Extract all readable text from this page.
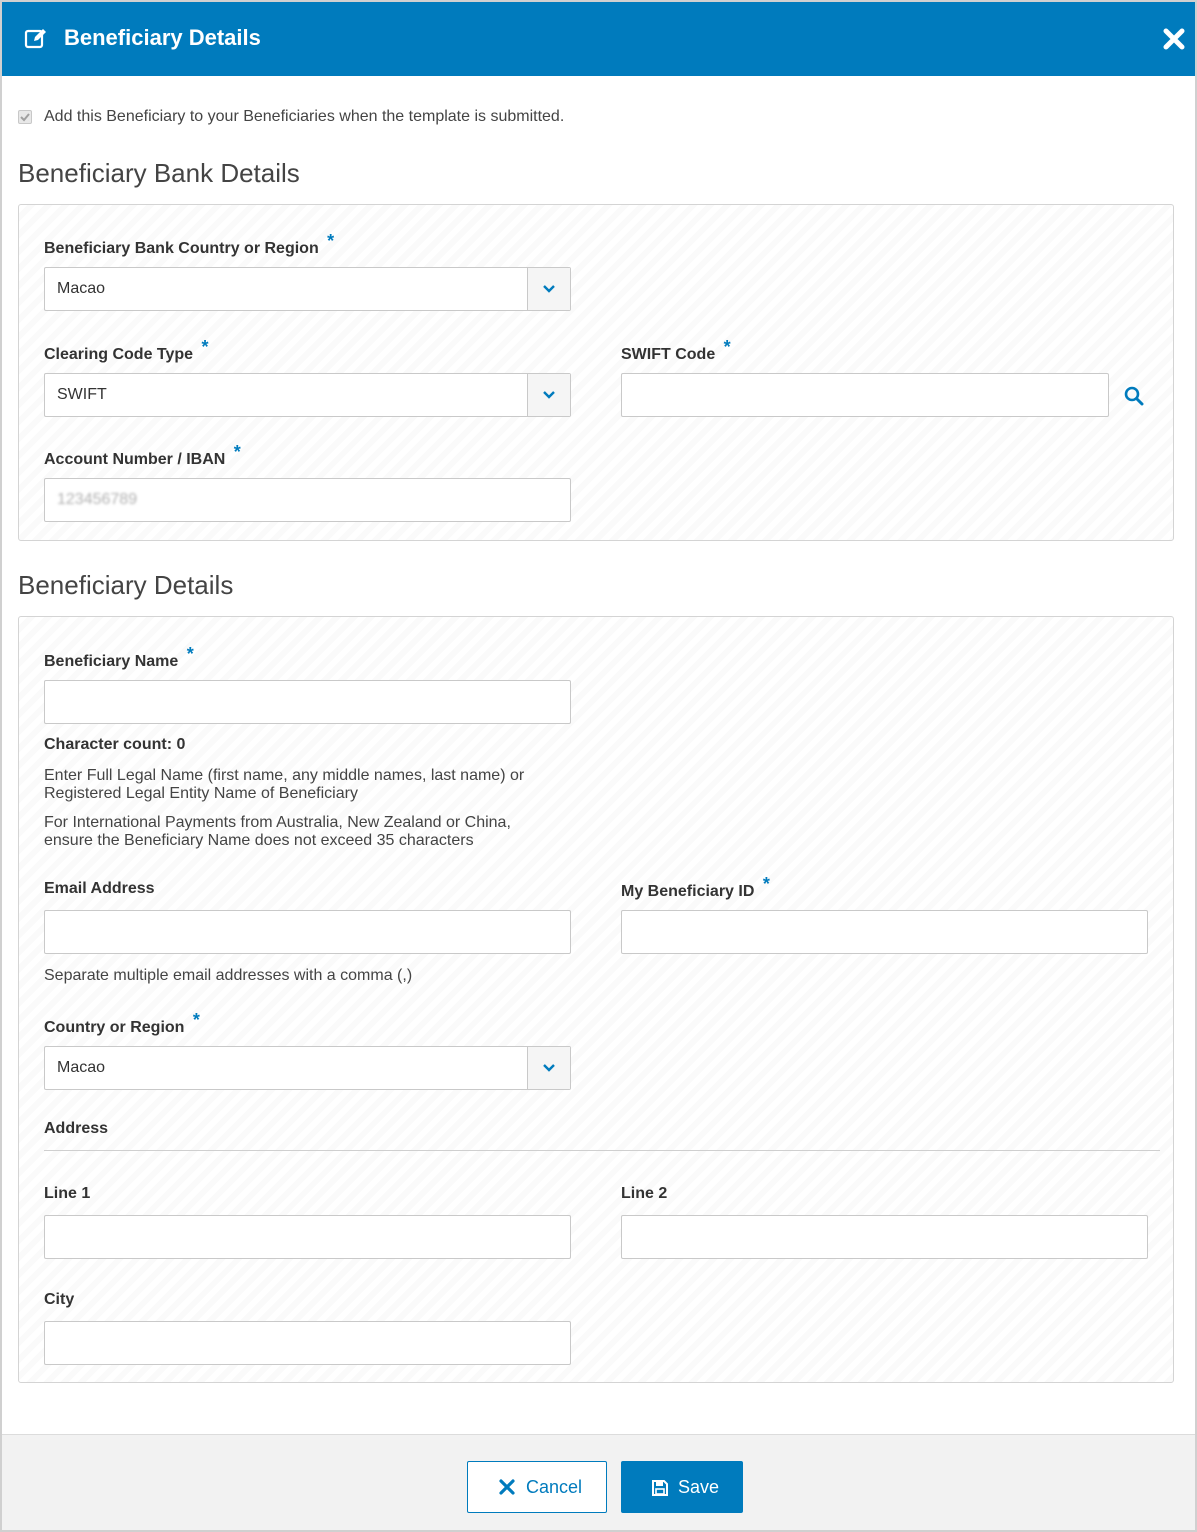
Beneficiary Details
Add this Beneficiary to your Beneficiaries when the template is submitted.
Beneficiary Bank Details
Beneficiary Bank Country or Region *
Macao
Clearing Code Type *
SWIFT
SWIFT Code *
Account Number / IBAN *
123456789
Beneficiary Details
Beneficiary Name *
Character count: 0
Enter Full Legal Name (first name, any middle names, last name) or
Registered Legal Entity Name of Beneficiary
For International Payments from Australia, New Zealand or China,
ensure the Beneficiary Name does not exceed 35 characters
Email Address
Separate multiple email addresses with a comma (,)
My Beneficiary ID *
Country or Region *
Macao
Address
Line 1	Line 2
City
Cancel	Save
